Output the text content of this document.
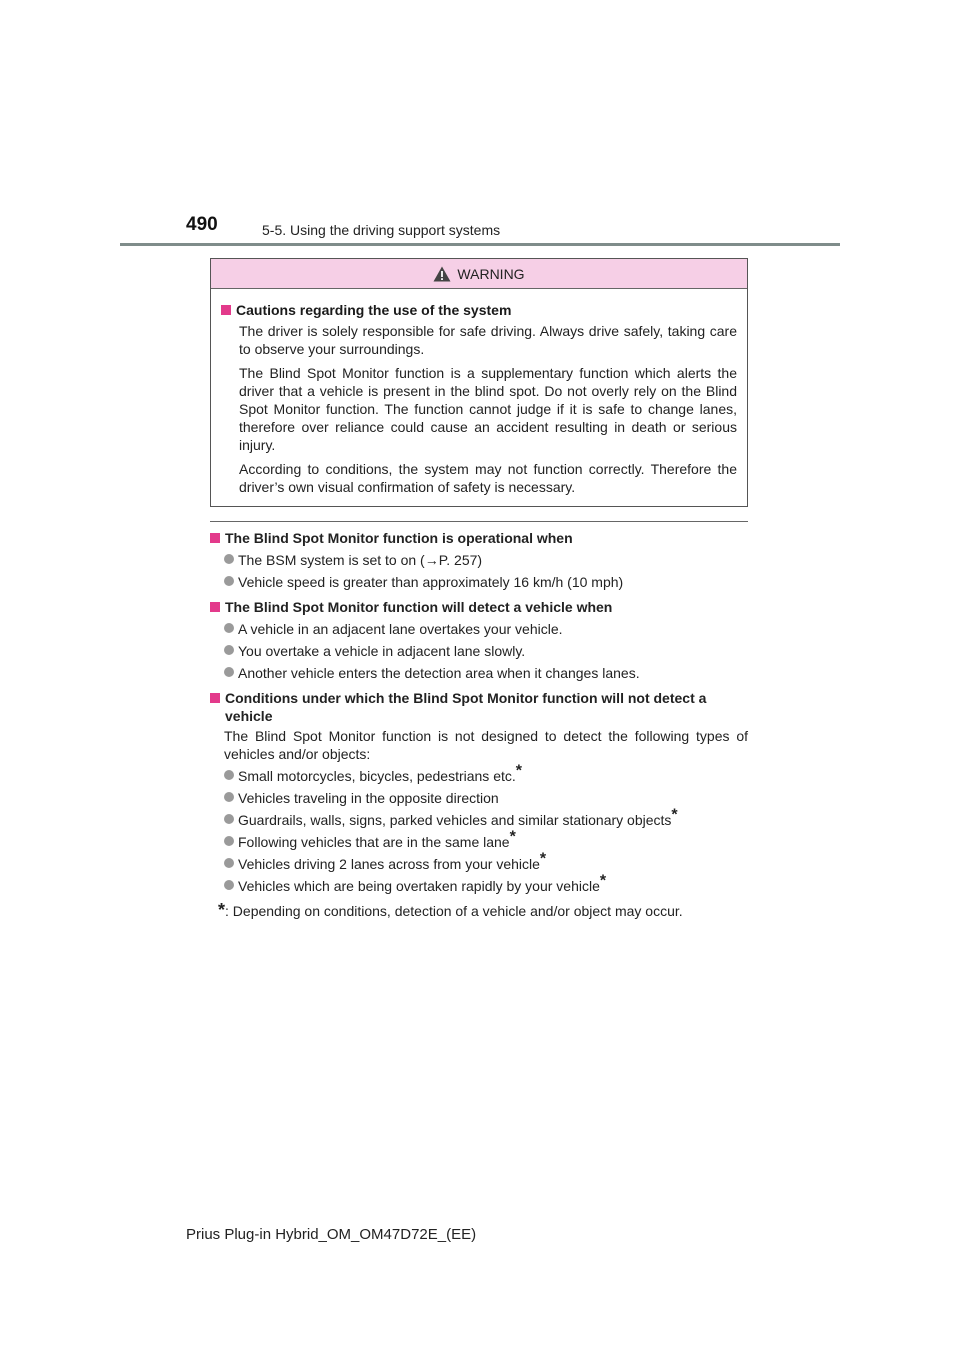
490	5-5. Using the driving support systems
WARNING
Cautions regarding the use of the system

The driver is solely responsible for safe driving. Always drive safely, taking care to observe your surroundings.

The Blind Spot Monitor function is a supplementary function which alerts the driver that a vehicle is present in the blind spot. Do not overly rely on the Blind Spot Monitor function. The function cannot judge if it is safe to change lanes, therefore over reliance could cause an accident resulting in death or serious injury.

According to conditions, the system may not function correctly. Therefore the driver’s own visual confirmation of safety is necessary.

The Blind Spot Monitor function is operational when
The BSM system is set to on (→P. 257)
Vehicle speed is greater than approximately 16 km/h (10 mph)
The Blind Spot Monitor function will detect a vehicle when
A vehicle in an adjacent lane overtakes your vehicle.
You overtake a vehicle in adjacent lane slowly.
Another vehicle enters the detection area when it changes lanes.
Conditions under which the Blind Spot Monitor function will not detect a vehicle

The Blind Spot Monitor function is not designed to detect the following types of vehicles and/or objects:

Small motorcycles, bicycles, pedestrians etc.*
Vehicles traveling in the opposite direction
Guardrails, walls, signs, parked vehicles and similar stationary objects*
Following vehicles that are in the same lane*
Vehicles driving 2 lanes across from your vehicle*
Vehicles which are being overtaken rapidly by your vehicle*
*: Depending on conditions, detection of a vehicle and/or object may occur.
Prius Plug-in Hybrid_OM_OM47D72E_(EE)
